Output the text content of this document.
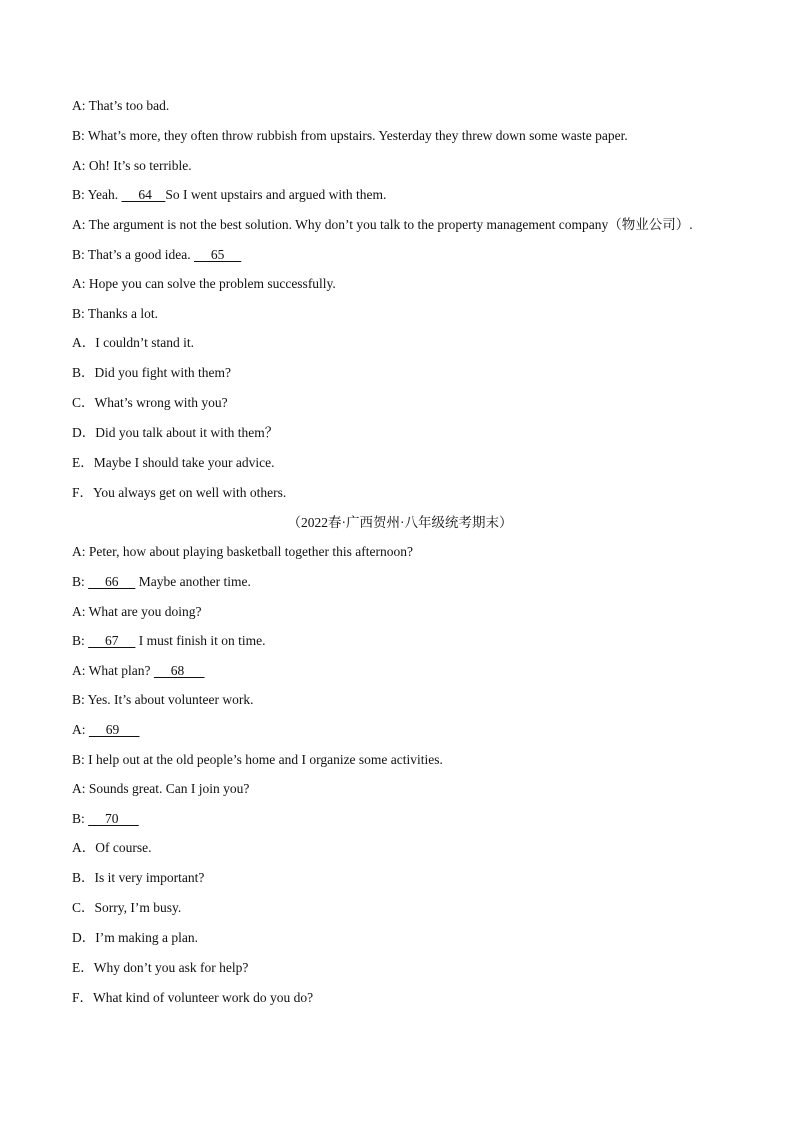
A: That’s too bad.
B: What’s more, they often throw rubbish from upstairs. Yesterday they threw down some waste paper.
A: Oh! It’s so terrible.
B: Yeah.      64    So I went upstairs and argued with them.
A: The argument is not the best solution. Why don’t you talk to the property management company（物业公司）.
B: That’s a good idea.      65
A: Hope you can solve the problem successfully.
B: Thanks a lot.
A．I couldn’t stand it.
B．Did you fight with them?
C．What’s wrong with you?
D．Did you talk about it with them？
E．Maybe I should take your advice.
F．You always get on well with others.
（2022春·广西贺州·八年级统考期末）
A: Peter, how about playing basketball together this afternoon?
B:      66      Maybe another time.
A: What are you doing?
B:      67      I must finish it on time.
A: What plan?      68
B: Yes. It’s about volunteer work.
A:      69
B: I help out at the old people’s home and I organize some activities.
A: Sounds great. Can I join you?
B:      70
A．Of course.
B．Is it very important?
C．Sorry, I’m busy.
D．I’m making a plan.
E．Why don’t you ask for help?
F．What kind of volunteer work do you do?
